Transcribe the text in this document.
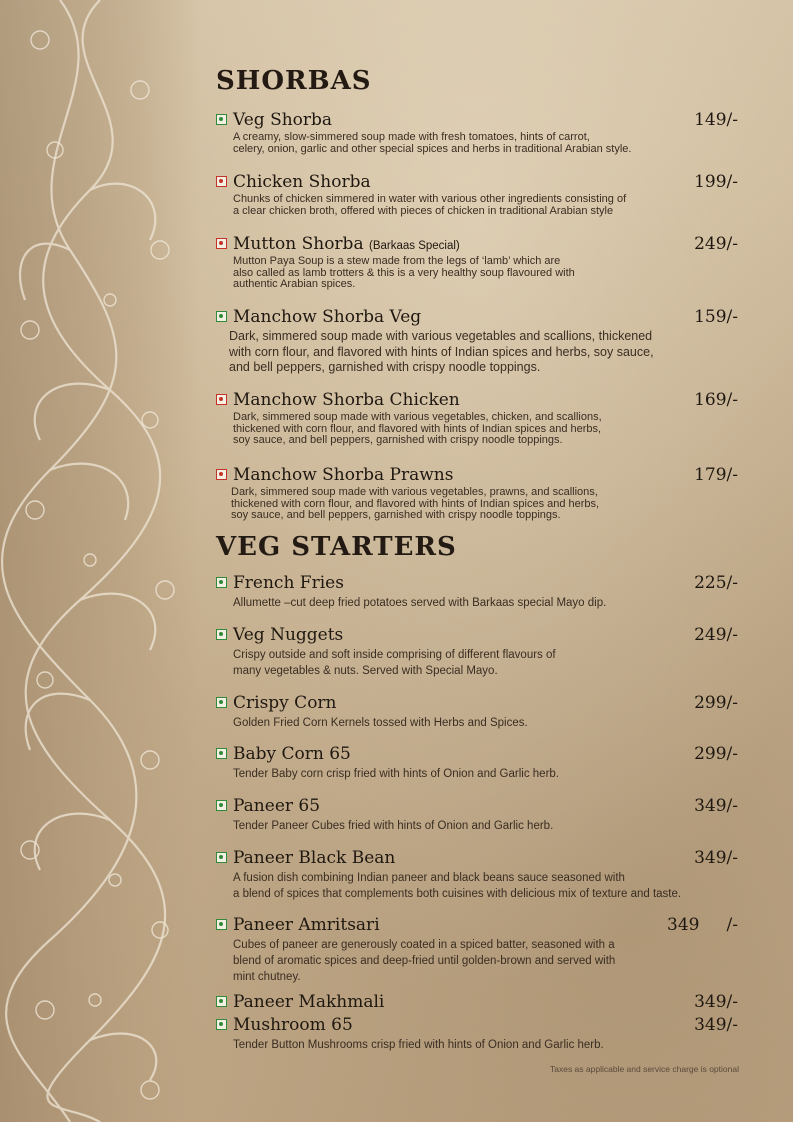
SHORBAS
Veg Shorba	149/-
A creamy, slow-simmered soup made with fresh tomatoes, hints of carrot,
celery, onion, garlic and other special spices and herbs in traditional Arabian style.
Chicken Shorba	199/-
Chunks of chicken simmered in water with various other ingredients consisting of
a clear chicken broth, offered with pieces of chicken in traditional Arabian style
Mutton Shorba (Barkaas Special)	249/-
Mutton Paya Soup is a stew made from the legs of ‘lamb’ which are
also called as lamb trotters & this is a very healthy soup flavoured with
authentic Arabian spices.
Manchow Shorba Veg	159/-
Dark, simmered soup made with various vegetables and scallions, thickened
with corn flour, and flavored with hints of Indian spices and herbs, soy sauce,
and bell peppers, garnished with crispy noodle toppings.
Manchow Shorba Chicken	169/-
Dark, simmered soup made with various vegetables, chicken, and scallions,
thickened with corn flour, and flavored with hints of Indian spices and herbs,
soy sauce, and bell peppers, garnished with crispy noodle toppings.
Manchow Shorba Prawns	179/-
Dark, simmered soup made with various vegetables, prawns, and scallions,
thickened with corn flour, and flavored with hints of Indian spices and herbs,
soy sauce, and bell peppers, garnished with crispy noodle toppings.
VEG STARTERS
French Fries	225/-
Allumette –cut deep fried potatoes served with Barkaas special Mayo dip.
Veg Nuggets	249/-
Crispy outside and soft inside comprising of different flavours of
many vegetables & nuts. Served with Special Mayo.
Crispy Corn	299/-
Golden Fried Corn Kernels tossed with Herbs and Spices.
Baby Corn 65	299/-
Tender Baby corn crisp fried with hints of Onion and Garlic herb.
Paneer 65	349/-
Tender Paneer Cubes fried with hints of Onion and Garlic herb.
Paneer Black Bean	349/-
A fusion dish combining Indian paneer and black beans sauce seasoned with
a blend of spices that complements both cuisines with delicious mix of texture and taste.
Paneer Amritsari	349     /-
Cubes of paneer are generously coated in a spiced batter, seasoned with a
blend of aromatic spices and deep-fried until golden-brown and served with
mint chutney.
Paneer Makhmali	349/-
Mushroom 65	349/-
Tender Button Mushrooms crisp fried with hints of Onion and Garlic herb.
Taxes as applicable and service charge is optional
